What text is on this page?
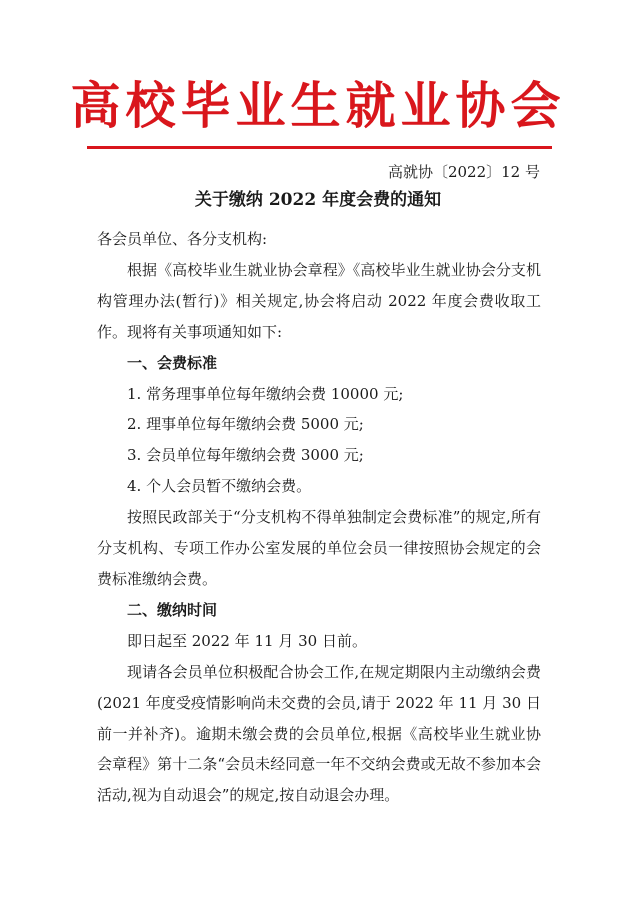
高校毕业生就业协会
高就协〔2022〕12 号
关于缴纳 2022 年度会费的通知

各会员单位、各分支机构:

根据《高校毕业生就业协会章程》《高校毕业生就业协会分支机构管理办法(暂行)》相关规定,协会将启动 2022 年度会费收取工作。现将有关事项通知如下:

一、会费标准

1. 常务理事单位每年缴纳会费 10000 元;

2. 理事单位每年缴纳会费 5000 元;

3. 会员单位每年缴纳会费 3000 元;

4. 个人会员暂不缴纳会费。

按照民政部关于“分支机构不得单独制定会费标准”的规定,所有分支机构、专项工作办公室发展的单位会员一律按照协会规定的会费标准缴纳会费。

二、缴纳时间

即日起至 2022 年 11 月 30 日前。

现请各会员单位积极配合协会工作,在规定期限内主动缴纳会费(2021 年度受疫情影响尚未交费的会员,请于 2022 年 11 月 30 日前一并补齐)。逾期未缴会费的会员单位,根据《高校毕业生就业协会章程》第十二条“会员未经同意一年不交纳会费或无故不参加本会活动,视为自动退会”的规定,按自动退会办理。
